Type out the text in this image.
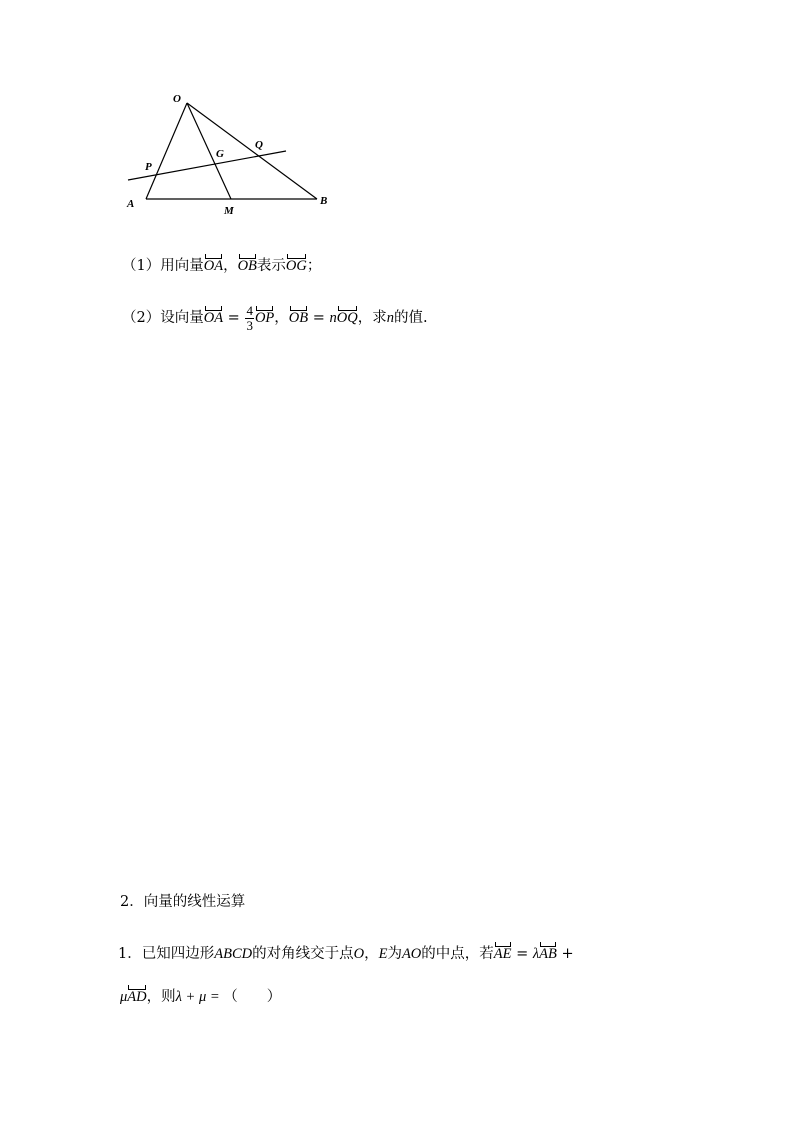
O
Q
G
P
A
M
B
（1）用向量OA，OB表示OG；
（2）设向量OA = $\frac{4}{3}$ OP，OB = nOQ，求n的值.
2．向量的线性运算
1．已知四边形ABCD的对角线交于点O，E为AO的中点，若AE = λAB +
μAD，则λ + μ = （　　）
